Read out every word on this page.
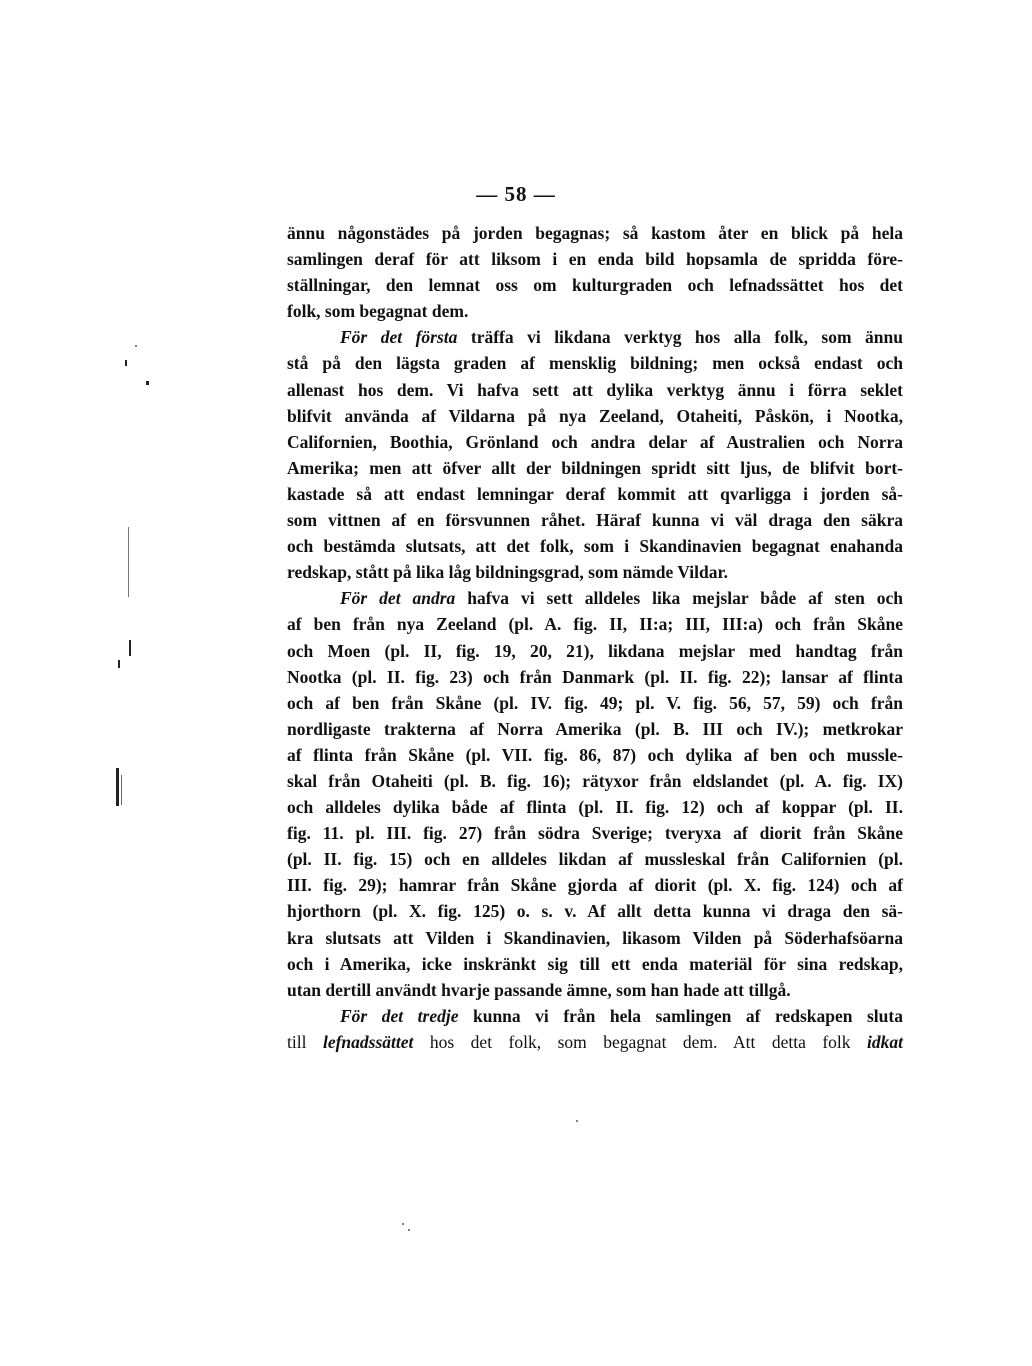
— 58 —
ännu någonstädes på jorden begagnas; så kastom åter en blick på hela
samlingen deraf för att liksom i en enda bild hopsamla de spridda före-
ställningar, den lemnat oss om kulturgraden och lefnadssättet hos det
folk, som begagnat dem.
För det första träffa vi likdana verktyg hos alla folk, som ännu
stå på den lägsta graden af mensklig bildning; men också endast och
allenast hos dem. Vi hafva sett att dylika verktyg ännu i förra seklet
blifvit använda af Vildarna på nya Zeeland, Otaheiti, Påskön, i Nootka,
Californien, Boothia, Grönland och andra delar af Australien och Norra
Amerika; men att öfver allt der bildningen spridt sitt ljus, de blifvit bort-
kastade så att endast lemningar deraf kommit att qvarligga i jorden så-
som vittnen af en försvunnen råhet. Häraf kunna vi väl draga den säkra
och bestämda slutsats, att det folk, som i Skandinavien begagnat enahanda
redskap, stått på lika låg bildningsgrad, som nämde Vildar.
För det andra hafva vi sett alldeles lika mejslar både af sten och
af ben från nya Zeeland (pl. A. fig. II, II:a; III, III:a) och från Skåne
och Moen (pl. II, fig. 19, 20, 21), likdana mejslar med handtag från
Nootka (pl. II. fig. 23) och från Danmark (pl. II. fig. 22); lansar af flinta
och af ben från Skåne (pl. IV. fig. 49; pl. V. fig. 56, 57, 59) och från
nordligaste trakterna af Norra Amerika (pl. B. III och IV.); metkrokar
af flinta från Skåne (pl. VII. fig. 86, 87) och dylika af ben och mussle-
skal från Otaheiti (pl. B. fig. 16); rätyxor från eldslandet (pl. A. fig. IX)
och alldeles dylika både af flinta (pl. II. fig. 12) och af koppar (pl. II.
fig. 11. pl. III. fig. 27) från södra Sverige; tveryxa af diorit från Skåne
(pl. II. fig. 15) och en alldeles likdan af mussleskal från Californien (pl.
III. fig. 29); hamrar från Skåne gjorda af diorit (pl. X. fig. 124) och af
hjorthorn (pl. X. fig. 125) o. s. v. Af allt detta kunna vi draga den sä-
kra slutsats att Vilden i Skandinavien, likasom Vilden på Söderhafsöarna
och i Amerika, icke inskränkt sig till ett enda materiäl för sina redskap,
utan dertill användt hvarje passande ämne, som han hade att tillgå.
För det tredje kunna vi från hela samlingen af redskapen sluta
till lefnadssättet hos det folk, som begagnat dem. Att detta folk idkat
